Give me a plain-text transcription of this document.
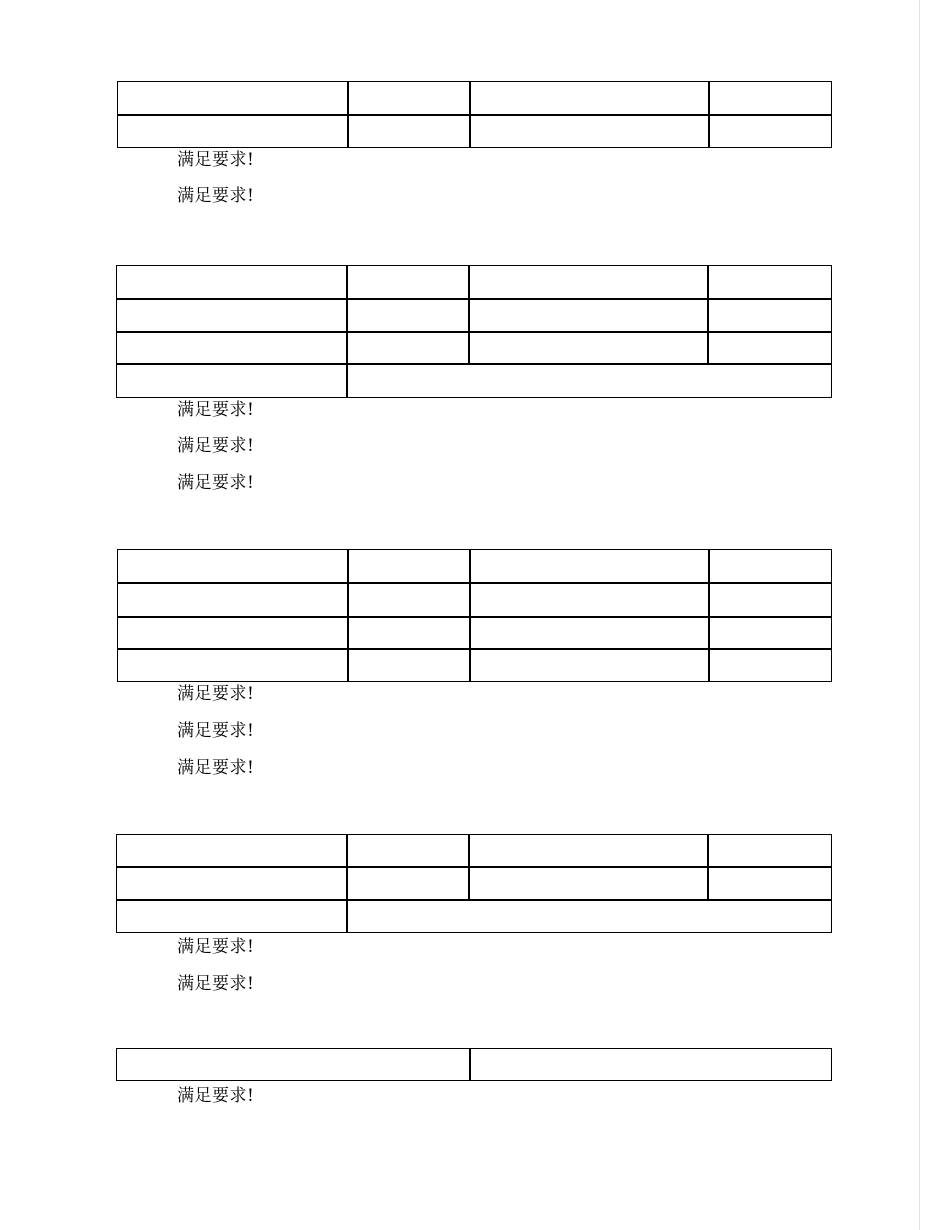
满足要求!
满足要求!
满足要求!
满足要求!
满足要求!
满足要求!
满足要求!
满足要求!
满足要求!
满足要求!
满足要求!
